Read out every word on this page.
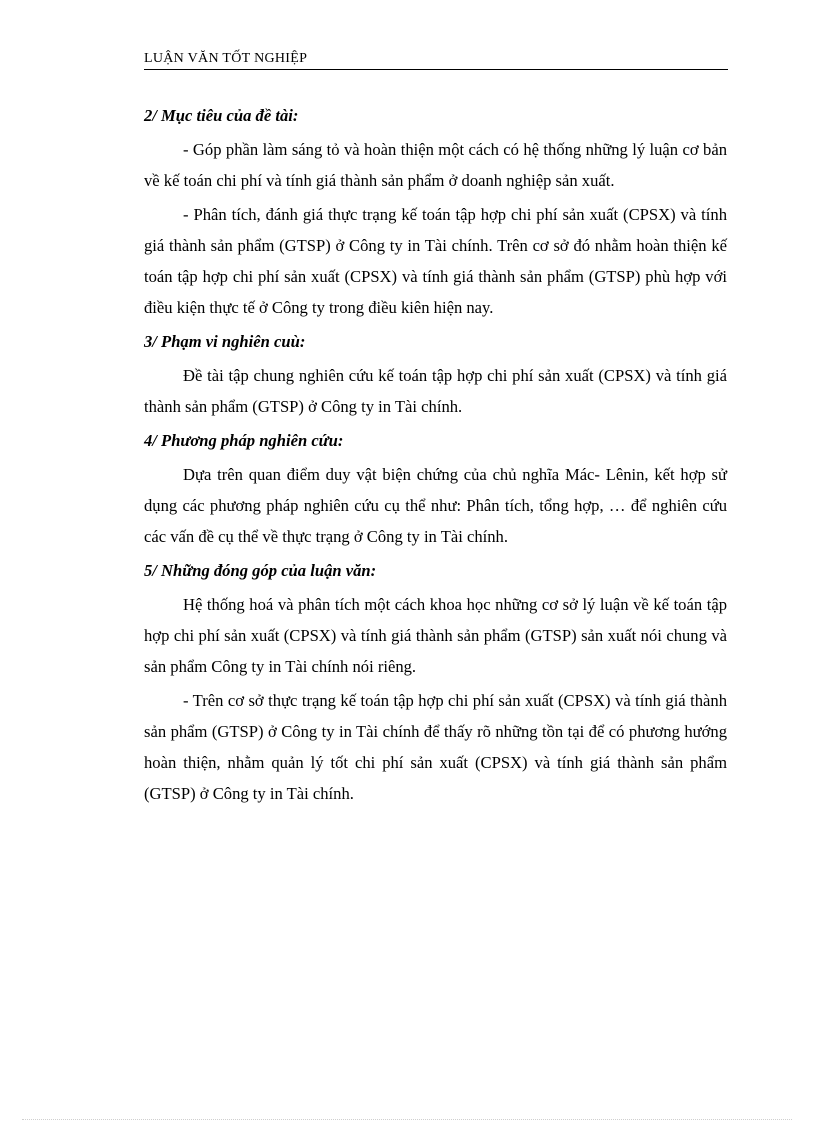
LUẬN VĂN TỐT NGHIỆP

2/ Mục tiêu của đề tài:

- Góp phần làm sáng tỏ và hoàn thiện một cách có hệ thống những lý luận cơ bản về kế toán chi phí và tính giá thành sản phẩm ở doanh nghiệp sản xuất.

- Phân tích, đánh giá thực trạng kế toán tập hợp chi phí sản xuất (CPSX) và tính giá thành sản phẩm (GTSP) ở Công ty in Tài chính. Trên cơ sở đó nhằm hoàn thiện kế toán tập hợp chi phí sản xuất (CPSX) và tính giá thành sản phẩm (GTSP) phù hợp với điều kiện thực tế ở Công ty trong điều kiên hiện nay.

3/ Phạm vi nghiên cuù:

Đề tài tập chung nghiên cứu kế toán tập hợp chi phí sản xuất (CPSX) và tính giá thành sản phẩm (GTSP) ở Công ty in Tài chính.

4/ Phương pháp nghiên cứu:

Dựa trên quan điểm duy vật biện chứng của chủ nghĩa Mác- Lênin, kết hợp sử dụng các phương pháp nghiên cứu cụ thể như: Phân tích, tổng hợp, … để nghiên cứu các vấn đề cụ thể về thực trạng ở Công ty in Tài chính.

5/ Những đóng góp của luận văn:

Hệ thống hoá và phân tích một cách khoa học những cơ sở lý luận về kế toán tập hợp chi phí sản xuất (CPSX) và tính giá thành sản phẩm (GTSP) sản xuất nói chung và sản phẩm Công ty in Tài chính nói riêng.

- Trên cơ sở thực trạng kế toán tập hợp chi phí sản xuất (CPSX) và tính giá thành sản phẩm (GTSP) ở Công ty in Tài chính để thấy rõ những tồn tại để có phương hướng hoàn thiện, nhằm quản lý tốt chi phí sản xuất (CPSX) và tính giá thành sản phẩm (GTSP) ở Công ty in Tài chính.
